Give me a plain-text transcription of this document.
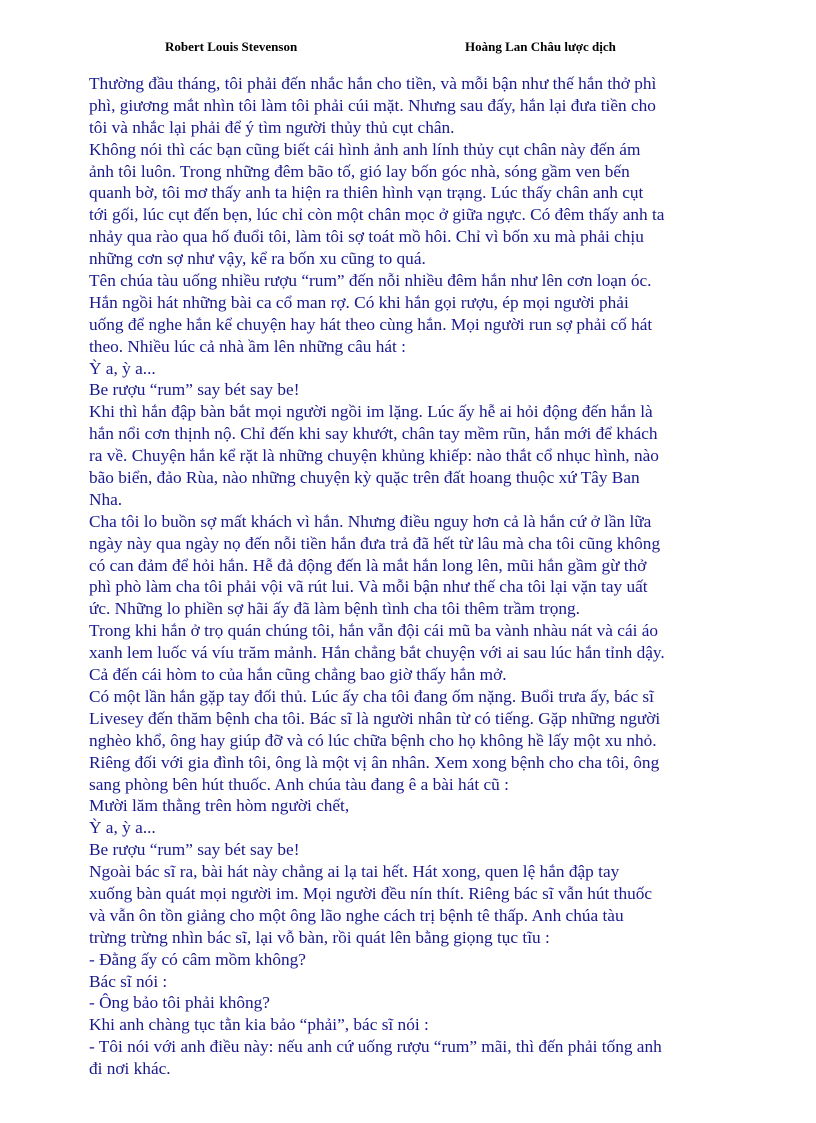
Robert Louis Stevenson	Hoàng Lan Châu lược dịch
Thường đầu tháng, tôi phải đến nhắc hắn cho tiền, và mỗi bận như thế hắn thở phì
phì, giương mắt nhìn tôi làm tôi phải cúi mặt. Nhưng sau đấy, hắn lại đưa tiền cho
tôi và nhắc lại phải để ý tìm người thủy thủ cụt chân.
Không nói thì các bạn cũng biết cái hình ảnh anh lính thủy cụt chân này đến ám
ảnh tôi luôn. Trong những đêm bão tố, gió lay bốn góc nhà, sóng gầm ven bến
quanh bờ, tôi mơ thấy anh ta hiện ra thiên hình vạn trạng. Lúc thấy chân anh cụt
tới gối, lúc cụt đến bẹn, lúc chỉ còn một chân mọc ở giữa ngực. Có đêm thấy anh ta
nhảy qua rào qua hố đuổi tôi, làm tôi sợ toát mồ hôi. Chỉ vì bốn xu mà phải chịu
những cơn sợ như vậy, kể ra bốn xu cũng to quá.
Tên chúa tàu uống nhiều rượu “rum” đến nỗi nhiều đêm hắn như lên cơn loạn óc.
Hắn ngồi hát những bài ca cổ man rợ. Có khi hắn gọi rượu, ép mọi người phải
uống để nghe hắn kể chuyện hay hát theo cùng hắn. Mọi người run sợ phải cố hát
theo. Nhiều lúc cả nhà ầm lên những câu hát :
Ỳ a, ỳ a...
Be rượu “rum” say bét say be!
Khi thì hắn đập bàn bắt mọi người ngồi im lặng. Lúc ấy hễ ai hỏi động đến hắn là
hắn nổi cơn thịnh nộ. Chỉ đến khi say khướt, chân tay mềm rũn, hắn mới để khách
ra về. Chuyện hắn kể rặt là những chuyện khủng khiếp: nào thắt cổ nhục hình, nào
bão biển, đảo Rùa, nào những chuyện kỳ quặc trên đất hoang thuộc xứ Tây Ban
Nha.
Cha tôi lo buồn sợ mất khách vì hắn. Nhưng điều nguy hơn cả là hắn cứ ở lần lữa
ngày này qua ngày nọ đến nỗi tiền hắn đưa trả đã hết từ lâu mà cha tôi cũng không
có can đảm để hỏi hắn. Hễ đả động đến là mắt hắn long lên, mũi hắn gầm gừ thở
phì phò làm cha tôi phải vội vã rút lui. Và mỗi bận như thế cha tôi lại vặn tay uất
ức. Những lo phiền sợ hãi ấy đã làm bệnh tình cha tôi thêm trầm trọng.
Trong khi hắn ở trọ quán chúng tôi, hắn vẫn đội cái mũ ba vành nhàu nát và cái áo
xanh lem luốc vá víu trăm mảnh. Hắn chẳng bắt chuyện với ai sau lúc hắn tỉnh dậy.
Cả đến cái hòm to của hắn cũng chẳng bao giờ thấy hắn mở.
Có một lần hắn gặp tay đối thủ. Lúc ấy cha tôi đang ốm nặng. Buổi trưa ấy, bác sĩ
Livesey đến thăm bệnh cha tôi. Bác sĩ là người nhân từ có tiếng. Gặp những người
nghèo khổ, ông hay giúp đỡ và có lúc chữa bệnh cho họ không hề lấy một xu nhỏ.
Riêng đối với gia đình tôi, ông là một vị ân nhân. Xem xong bệnh cho cha tôi, ông
sang phòng bên hút thuốc. Anh chúa tàu đang ê a bài hát cũ :
Mười lăm thằng trên hòm người chết,
Ỳ a, ỳ a...
Be rượu “rum” say bét say be!
Ngoài bác sĩ ra, bài hát này chẳng ai lạ tai hết. Hát xong, quen lệ hắn đập tay
xuống bàn quát mọi người im. Mọi người đều nín thít. Riêng bác sĩ vẫn hút thuốc
và vẫn ôn tồn giảng cho một ông lão nghe cách trị bệnh tê thấp. Anh chúa tàu
trừng trừng nhìn bác sĩ, lại vỗ bàn, rồi quát lên bằng giọng tục tĩu :
- Đằng ấy có câm mồm không?
Bác sĩ nói :
- Ông bảo tôi phải không?
Khi anh chàng tục tằn kia bảo “phải”, bác sĩ nói :
- Tôi nói với anh điều này: nếu anh cứ uống rượu “rum” mãi, thì đến phải tống anh
đi nơi khác.
